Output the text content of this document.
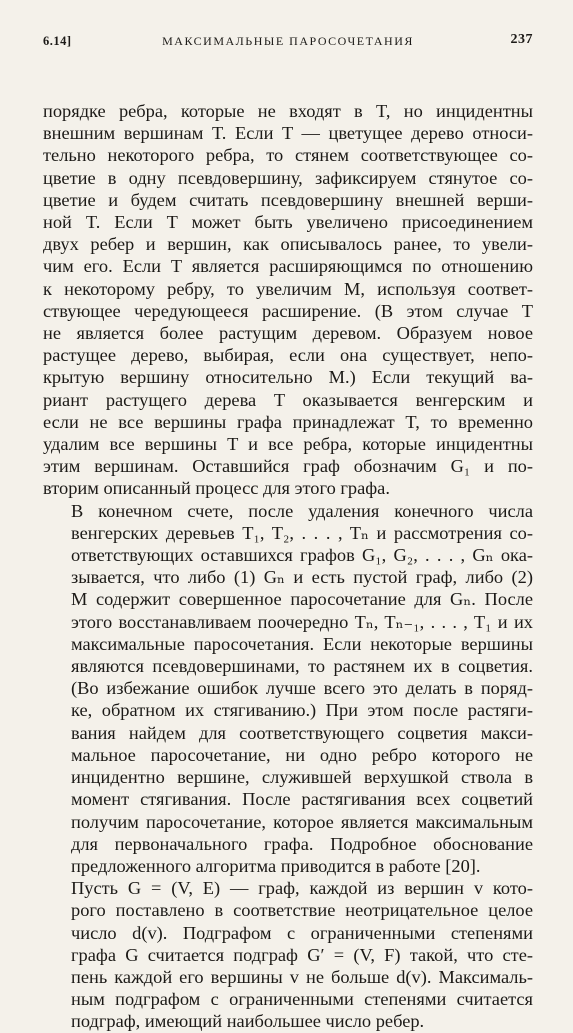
6.14]	МАКСИМАЛЬНЫЕ ПАРОСОЧЕТАНИЯ	237
порядке ребра, которые не входят в T, но инцидентны
внешним вершинам T. Если T — цветущее дерево относи-
тельно некоторого ребра, то стянем соответствующее со-
цветие в одну псевдовершину, зафиксируем стянутое со-
цветие и будем считать псевдовершину внешней верши-
ной T. Если T может быть увеличено присоединением
двух ребер и вершин, как описывалось ранее, то увели-
чим его. Если T является расширяющимся по отношению
к некоторому ребру, то увеличим M, используя соответ-
ствующее чередующееся расширение. (В этом случае T
не является более растущим деревом. Образуем новое
растущее дерево, выбирая, если она существует, непо-
крытую вершину относительно M.) Если текущий ва-
риант растущего дерева T оказывается венгерским и
если не все вершины графа принадлежат T, то временно
удалим все вершины T и все ребра, которые инцидентны
этим вершинам. Оставшийся граф обозначим G₁ и по-
вторим описанный процесс для этого графа.
В конечном счете, после удаления конечного числа
венгерских деревьев T₁, T₂, . . . , Tₙ и рассмотрения со-
ответствующих оставшихся графов G₁, G₂, . . . , Gₙ ока-
зывается, что либо (1) Gₙ и есть пустой граф, либо (2)
M содержит совершенное паросочетание для Gₙ. После
этого восстанавливаем поочередно Tₙ, Tₙ₋₁, . . . , T₁ и их
максимальные паросочетания. Если некоторые вершины
являются псевдовершинами, то растянем их в соцветия.
(Во избежание ошибок лучше всего это делать в поряд-
ке, обратном их стягиванию.) При этом после растяги-
вания найдем для соответствующего соцветия макси-
мальное паросочетание, ни одно ребро которого не
инцидентно вершине, служившей верхушкой ствола в
момент стягивания. После растягивания всех соцветий
получим паросочетание, которое является максимальным
для первоначального графа. Подробное обоснование
предложенного алгоритма приводится в работе [20].
Пусть G = (V, E) — граф, каждой из вершин v кото-
рого поставлено в соответствие неотрицательное целое
число d(v). Подграфом с ограниченными степенями
графа G считается подграф G′ = (V, F) такой, что сте-
пень каждой его вершины v не больше d(v). Максималь-
ным подграфом с ограниченными степенями считается
подграф, имеющий наибольшее число ребер.
